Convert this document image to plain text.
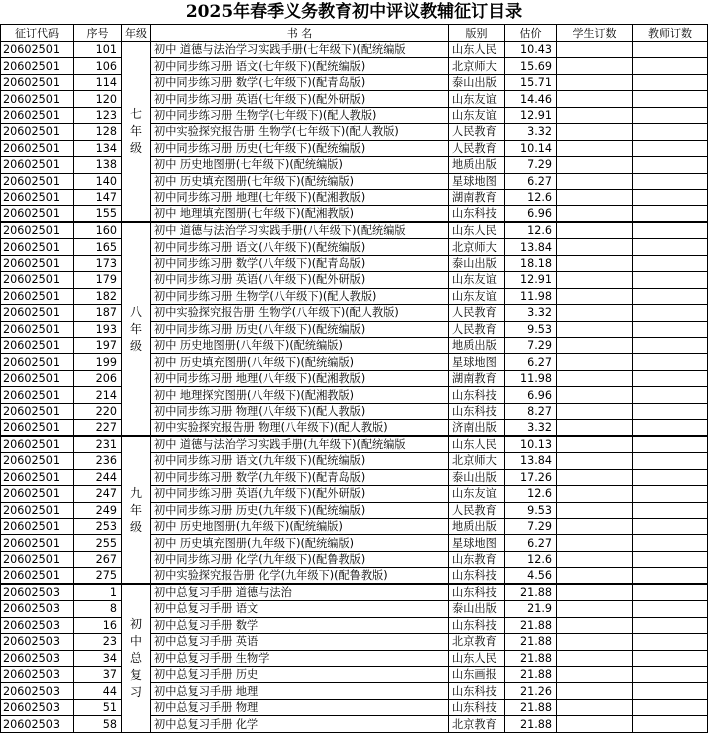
2025年春季义务教育初中评议教辅征订目录
征订代码	序号	年级	书 名	版别	估价	学生订数	教师订数
20602501	101	七年级	初中 道德与法治学习实践手册(七年级下)(配统编版	山东人民	10.43		
20602501	106		初中同步练习册 语文(七年级下)(配统编版)	北京师大	15.69		
20602501	114		初中同步练习册 数学(七年级下)(配青岛版)	泰山出版	15.71		
20602501	120		初中同步练习册 英语(七年级下)(配外研版)	山东友谊	14.46		
20602501	123		初中同步练习册 生物学(七年级下)(配人教版)	山东友谊	12.91		
20602501	128		初中实验探究报告册 生物学(七年级下)(配人教版)	人民教育	3.32		
20602501	134		初中同步练习册 历史(七年级下)(配统编版)	人民教育	10.14		
20602501	138		初中 历史地图册(七年级下)(配统编版)	地质出版	7.29		
20602501	140		初中 历史填充图册(七年级下)(配统编版)	星球地图	6.27		
20602501	147		初中同步练习册 地理(七年级下)(配湘教版)	湖南教育	12.6		
20602501	155		初中 地理填充图册(七年级下)(配湘教版)	山东科技	6.96		
20602501	160	八年级	初中 道德与法治学习实践手册(八年级下)(配统编版	山东人民	12.6		
20602501	165		初中同步练习册 语文(八年级下)(配统编版)	北京师大	13.84		
20602501	173		初中同步练习册 数学(八年级下)(配青岛版)	泰山出版	18.18		
20602501	179		初中同步练习册 英语(八年级下)(配外研版)	山东友谊	12.91		
20602501	182		初中同步练习册 生物学(八年级下)(配人教版)	山东友谊	11.98		
20602501	187		初中实验探究报告册 生物学(八年级下)(配人教版)	人民教育	3.32		
20602501	193		初中同步练习册 历史(八年级下)(配统编版)	人民教育	9.53		
20602501	197		初中 历史地图册(八年级下)(配统编版)	地质出版	7.29		
20602501	199		初中 历史填充图册(八年级下)(配统编版)	星球地图	6.27		
20602501	206		初中同步练习册 地理(八年级下)(配湘教版)	湖南教育	11.98		
20602501	214		初中 地理探究图册(八年级下)(配湘教版)	山东科技	6.96		
20602501	220		初中同步练习册 物理(八年级下)(配人教版)	山东科技	8.27		
20602501	227		初中实验探究报告册 物理(八年级下)(配人教版)	济南出版	3.32		
20602501	231	九年级	初中 道德与法治学习实践手册(九年级下)(配统编版	山东人民	10.13		
20602501	236		初中同步练习册 语文(九年级下)(配统编版)	北京师大	13.84		
20602501	244		初中同步练习册 数学(九年级下)(配青岛版)	泰山出版	17.26		
20602501	247		初中同步练习册 英语(九年级下)(配外研版)	山东友谊	12.6		
20602501	249		初中同步练习册 历史(九年级下)(配统编版)	人民教育	9.53		
20602501	253		初中 历史地图册(九年级下)(配统编版)	地质出版	7.29		
20602501	255		初中 历史填充图册(九年级下)(配统编版)	星球地图	6.27		
20602501	267		初中同步练习册 化学(九年级下)(配鲁教版)	山东教育	12.6		
20602501	275		初中实验探究报告册 化学(九年级下)(配鲁教版)	山东科技	4.56		
20602503	1	初中总复习	初中总复习手册 道德与法治	山东科技	21.88		
20602503	8		初中总复习手册 语文	泰山出版	21.9		
20602503	16		初中总复习手册 数学	山东科技	21.88		
20602503	23		初中总复习手册 英语	北京教育	21.88		
20602503	34		初中总复习手册 生物学	山东人民	21.88		
20602503	37		初中总复习手册 历史	山东画报	21.88		
20602503	44		初中总复习手册 地理	山东科技	21.26		
20602503	51		初中总复习手册 物理	山东科技	21.88		
20602503	58		初中总复习手册 化学	北京教育	21.88		
